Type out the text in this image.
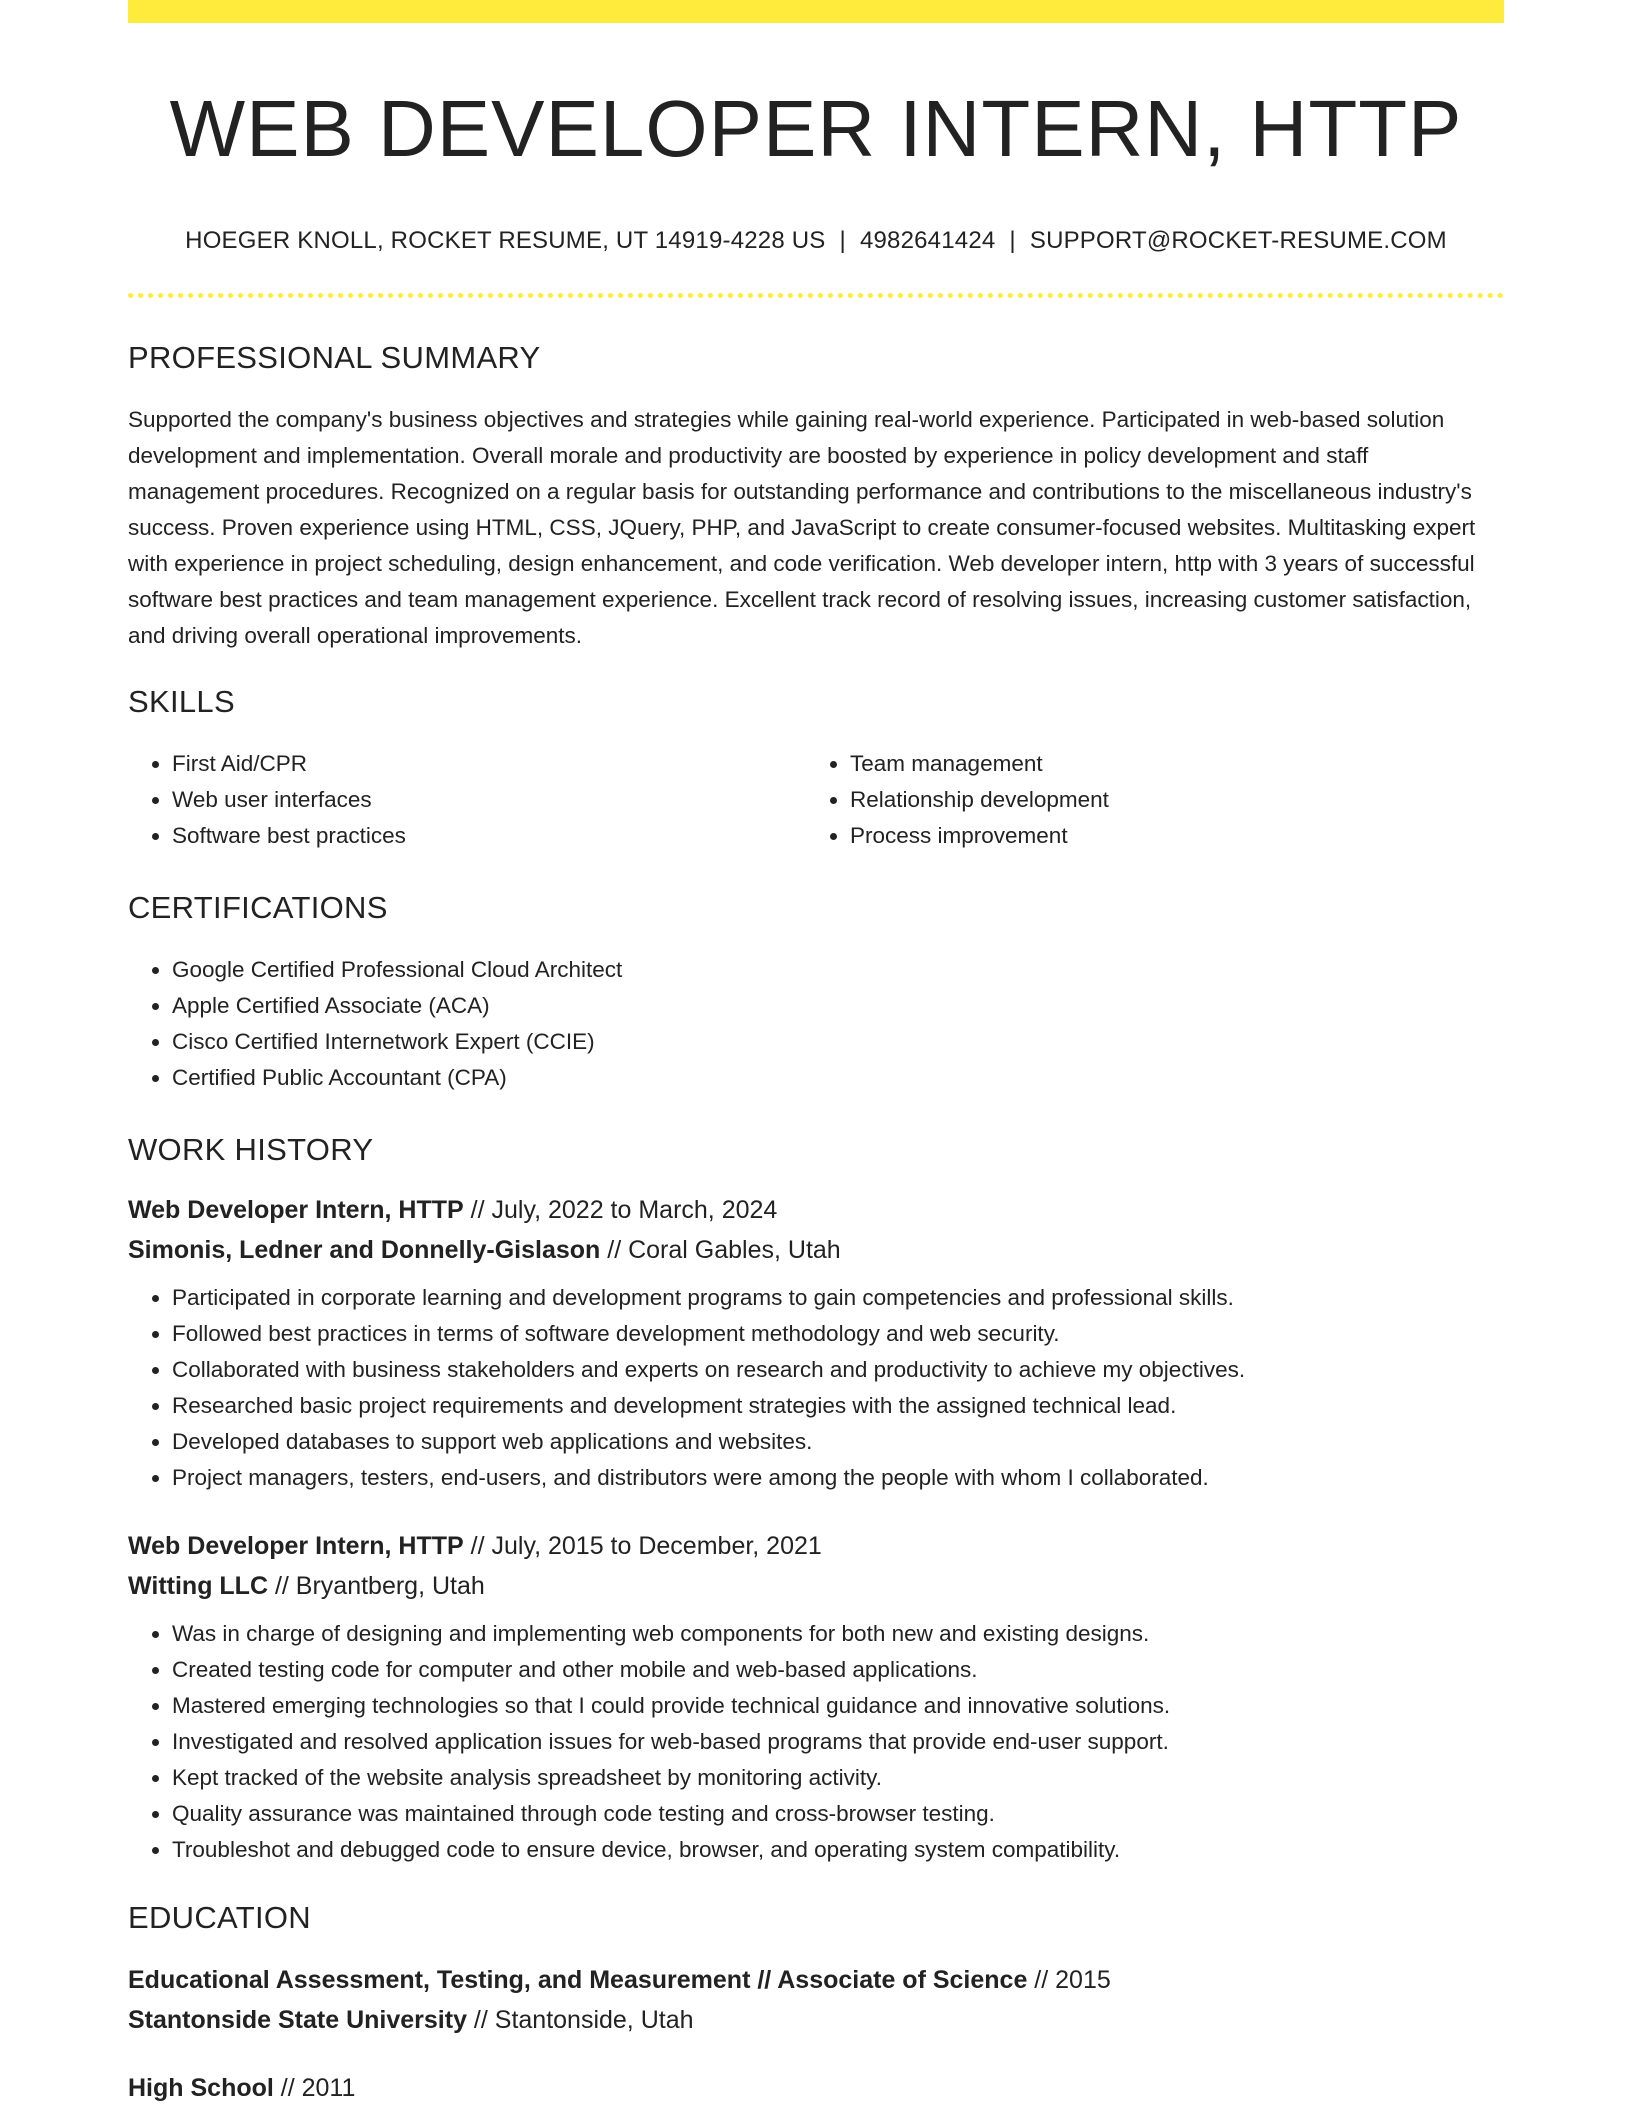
WEB DEVELOPER INTERN, HTTP
HOEGER KNOLL, ROCKET RESUME, UT 14919-4228 US | 4982641424 | SUPPORT@ROCKET-RESUME.COM
PROFESSIONAL SUMMARY

Supported the company's business objectives and strategies while gaining real-world experience. Participated in web-based solution development and implementation. Overall morale and productivity are boosted by experience in policy development and staff management procedures. Recognized on a regular basis for outstanding performance and contributions to the miscellaneous industry's success. Proven experience using HTML, CSS, JQuery, PHP, and JavaScript to create consumer-focused websites. Multitasking expert with experience in project scheduling, design enhancement, and code verification. Web developer intern, http with 3 years of successful software best practices and team management experience. Excellent track record of resolving issues, increasing customer satisfaction, and driving overall operational improvements.

SKILLS
• First Aid/CPR
• Web user interfaces
• Software best practices
• Team management
• Relationship development
• Process improvement
CERTIFICATIONS
• Google Certified Professional Cloud Architect
• Apple Certified Associate (ACA)
• Cisco Certified Internetwork Expert (CCIE)
• Certified Public Accountant (CPA)
WORK HISTORY
Web Developer Intern, HTTP // July, 2022 to March, 2024
Simonis, Ledner and Donnelly-Gislason // Coral Gables, Utah
• Participated in corporate learning and development programs to gain competencies and professional skills.
• Followed best practices in terms of software development methodology and web security.
• Collaborated with business stakeholders and experts on research and productivity to achieve my objectives.
• Researched basic project requirements and development strategies with the assigned technical lead.
• Developed databases to support web applications and websites.
• Project managers, testers, end-users, and distributors were among the people with whom I collaborated.
Web Developer Intern, HTTP // July, 2015 to December, 2021
Witting LLC // Bryantberg, Utah
• Was in charge of designing and implementing web components for both new and existing designs.
• Created testing code for computer and other mobile and web-based applications.
• Mastered emerging technologies so that I could provide technical guidance and innovative solutions.
• Investigated and resolved application issues for web-based programs that provide end-user support.
• Kept tracked of the website analysis spreadsheet by monitoring activity.
• Quality assurance was maintained through code testing and cross-browser testing.
• Troubleshot and debugged code to ensure device, browser, and operating system compatibility.
EDUCATION
Educational Assessment, Testing, and Measurement // Associate of Science // 2015
Stantonside State University // Stantonside, Utah
High School // 2011
